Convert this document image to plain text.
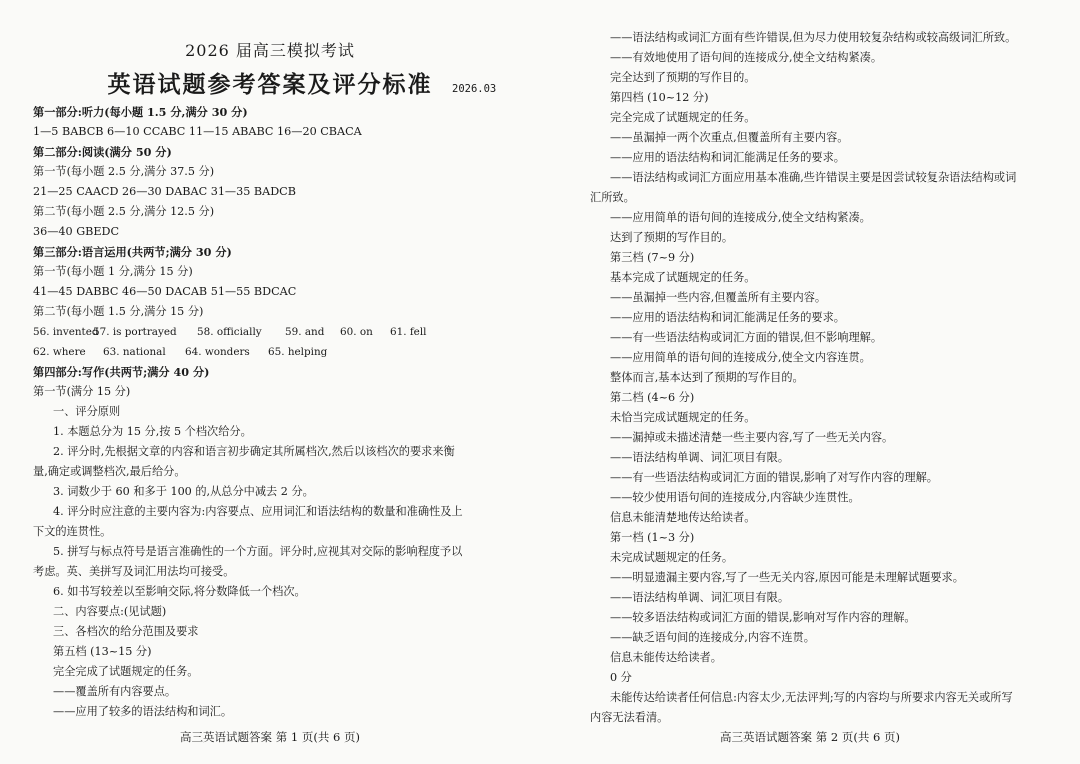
2026 届高三模拟考试
英语试题参考答案及评分标准	2026.03
第一部分:听力(每小题 1.5 分,满分 30 分)
1—5 BABCB 6—10 CCABC 11—15 ABABC 16—20 CBACA
第二部分:阅读(满分 50 分)
第一节(每小题 2.5 分,满分 37.5 分)
21—25 CAACD 26—30 DABAC 31—35 BADCB
第二节(每小题 2.5 分,满分 12.5 分)
36—40 GBEDC
第三部分:语言运用(共两节;满分 30 分)
第一节(每小题 1 分,满分 15 分)
41—45 DABBC 46—50 DACAB 51—55 BDCAC
第二节(每小题 1.5 分,满分 15 分)
56. invented
57. is portrayed	58. officially	59. and	60. on	61. fell
62. where	63. national	64. wonders	65. helping
第四部分:写作(共两节;满分 40 分)
第一节(满分 15 分)
一、评分原则
1. 本题总分为 15 分,按 5 个档次给分。
2. 评分时,先根据文章的内容和语言初步确定其所属档次,然后以该档次的要求来衡
量,确定或调整档次,最后给分。
3. 词数少于 60 和多于 100 的,从总分中减去 2 分。
4. 评分时应注意的主要内容为:内容要点、应用词汇和语法结构的数量和准确性及上
下文的连贯性。
5. 拼写与标点符号是语言准确性的一个方面。评分时,应视其对交际的影响程度予以
考虑。英、美拼写及词汇用法均可接受。
6. 如书写较差以至影响交际,将分数降低一个档次。
二、内容要点:(见试题)
三、各档次的给分范围及要求
第五档 (13~15 分)
完全完成了试题规定的任务。
——覆盖所有内容要点。
——应用了较多的语法结构和词汇。
高三英语试题答案 第 1 页(共 6 页)
——语法结构或词汇方面有些许错误,但为尽力使用较复杂结构或较高级词汇所致。
——有效地使用了语句间的连接成分,使全文结构紧凑。
完全达到了预期的写作目的。
第四档 (10~12 分)
完全完成了试题规定的任务。
——虽漏掉一两个次重点,但覆盖所有主要内容。
——应用的语法结构和词汇能满足任务的要求。
——语法结构或词汇方面应用基本准确,些许错误主要是因尝试较复杂语法结构或词
汇所致。
——应用简单的语句间的连接成分,使全文结构紧凑。
达到了预期的写作目的。
第三档 (7~9 分)
基本完成了试题规定的任务。
——虽漏掉一些内容,但覆盖所有主要内容。
——应用的语法结构和词汇能满足任务的要求。
——有一些语法结构或词汇方面的错误,但不影响理解。
——应用简单的语句间的连接成分,使全文内容连贯。
整体而言,基本达到了预期的写作目的。
第二档 (4~6 分)
未恰当完成试题规定的任务。
——漏掉或未描述清楚一些主要内容,写了一些无关内容。
——语法结构单调、词汇项目有限。
——有一些语法结构或词汇方面的错误,影响了对写作内容的理解。
——较少使用语句间的连接成分,内容缺少连贯性。
信息未能清楚地传达给读者。
第一档 (1~3 分)
未完成试题规定的任务。
——明显遗漏主要内容,写了一些无关内容,原因可能是未理解试题要求。
——语法结构单调、词汇项目有限。
——较多语法结构或词汇方面的错误,影响对写作内容的理解。
——缺乏语句间的连接成分,内容不连贯。
信息未能传达给读者。
0 分
未能传达给读者任何信息:内容太少,无法评判;写的内容均与所要求内容无关或所写
内容无法看清。
高三英语试题答案 第 2 页(共 6 页)
